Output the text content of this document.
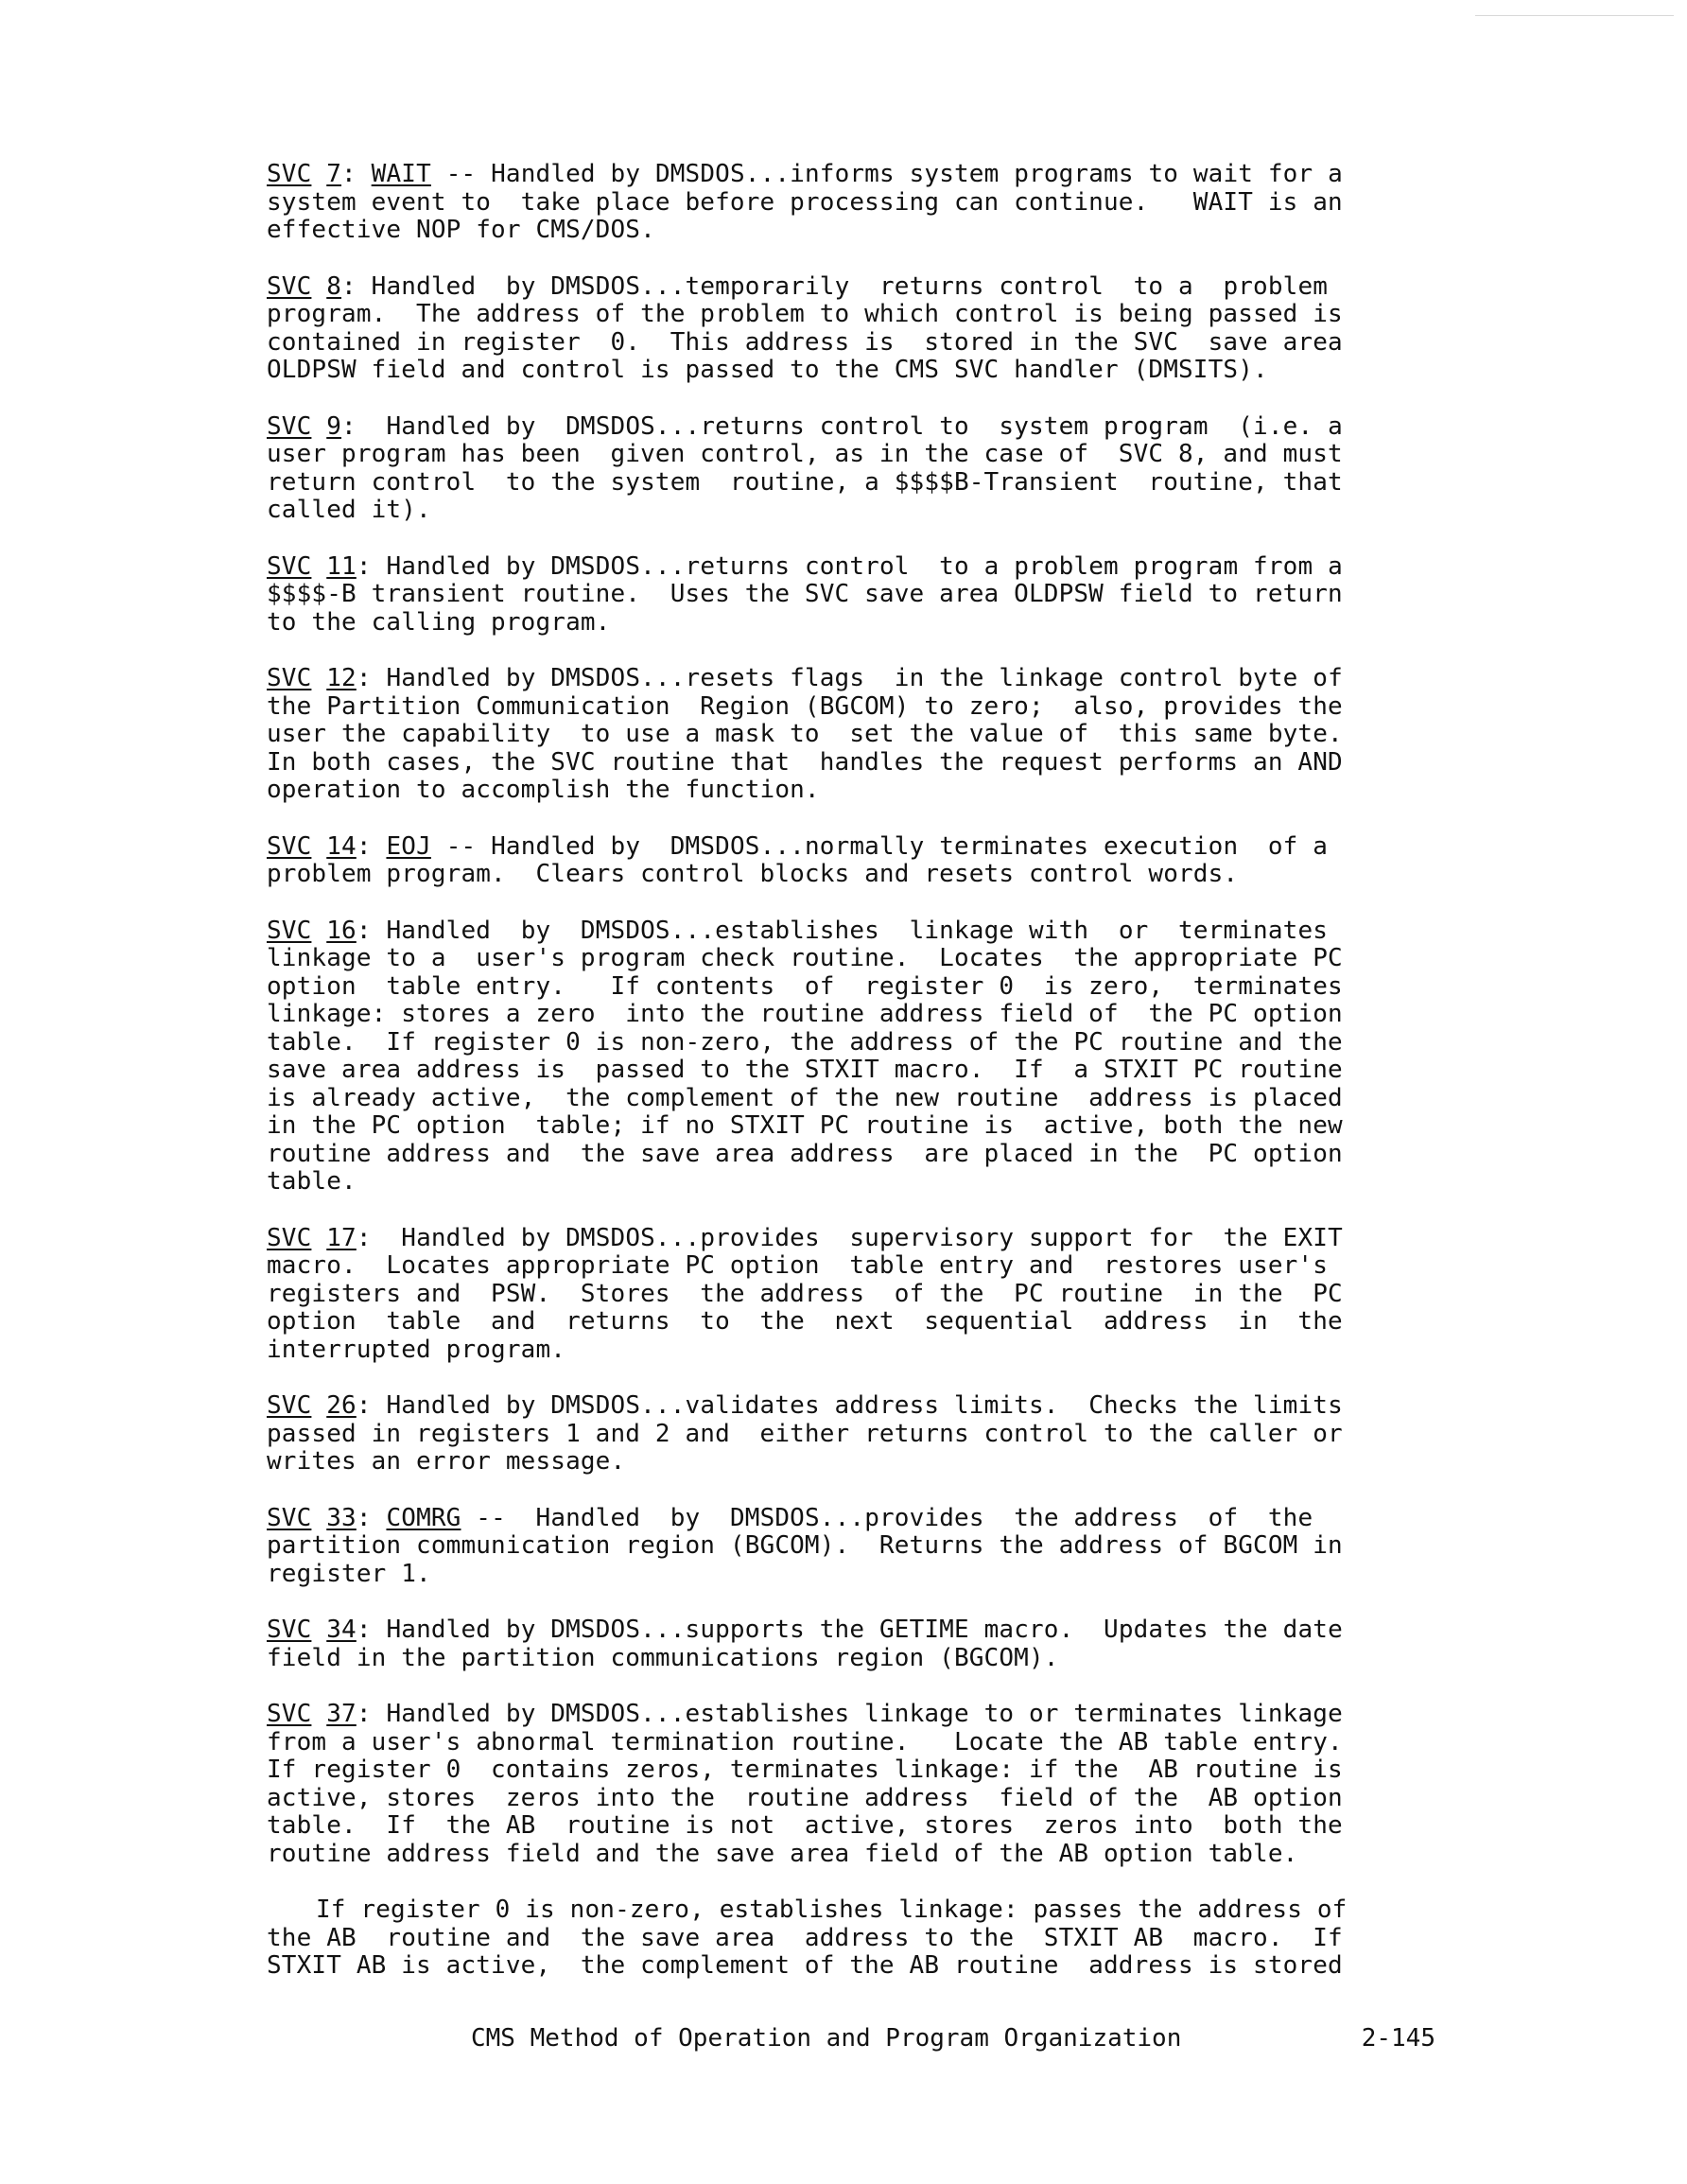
SVC 7: WAIT -- Handled by DMSDOS...informs system programs to wait for a
system event to  take place before processing can continue.   WAIT is an
effective NOP for CMS/DOS.
SVC 8: Handled  by DMSDOS...temporarily  returns control  to a  problem
program.  The address of the problem to which control is being passed is
contained in register  0.  This address is  stored in the SVC  save area
OLDPSW field and control is passed to the CMS SVC handler (DMSITS).
SVC 9:  Handled by  DMSDOS...returns control to  system program  (i.e. a
user program has been  given control, as in the case of  SVC 8, and must
return control  to the system  routine, a $$$$B-Transient  routine, that
called it).
SVC 11: Handled by DMSDOS...returns control  to a problem program from a
$$$$-B transient routine.  Uses the SVC save area OLDPSW field to return
to the calling program.
SVC 12: Handled by DMSDOS...resets flags  in the linkage control byte of
the Partition Communication  Region (BGCOM) to zero;  also, provides the
user the capability  to use a mask to  set the value of  this same byte.
In both cases, the SVC routine that  handles the request performs an AND
operation to accomplish the function.
SVC 14: EOJ -- Handled by  DMSDOS...normally terminates execution  of a
problem program.  Clears control blocks and resets control words.
SVC 16: Handled  by  DMSDOS...establishes  linkage with  or  terminates
linkage to a  user's program check routine.  Locates  the appropriate PC
option  table entry.   If contents  of  register 0  is zero,  terminates
linkage: stores a zero  into the routine address field of  the PC option
table.  If register 0 is non-zero, the address of the PC routine and the
save area address is  passed to the STXIT macro.  If  a STXIT PC routine
is already active,  the complement of the new routine  address is placed
in the PC option  table; if no STXIT PC routine is  active, both the new
routine address and  the save area address  are placed in the  PC option
table.
SVC 17:  Handled by DMSDOS...provides  supervisory support for  the EXIT
macro.  Locates appropriate PC option  table entry and  restores user's
registers and  PSW.  Stores  the address  of the  PC routine  in the  PC
option  table  and  returns  to  the  next  sequential  address  in  the
interrupted program.
SVC 26: Handled by DMSDOS...validates address limits.  Checks the limits
passed in registers 1 and 2 and  either returns control to the caller or
writes an error message.
SVC 33: COMRG --  Handled  by  DMSDOS...provides  the address  of  the
partition communication region (BGCOM).  Returns the address of BGCOM in
register 1.
SVC 34: Handled by DMSDOS...supports the GETIME macro.  Updates the date
field in the partition communications region (BGCOM).
SVC 37: Handled by DMSDOS...establishes linkage to or terminates linkage
from a user's abnormal termination routine.   Locate the AB table entry.
If register 0  contains zeros, terminates linkage: if the  AB routine is
active, stores  zeros into the  routine address  field of the  AB option
table.  If  the AB  routine is not  active, stores  zeros into  both the
routine address field and the save area field of the AB option table.
If register 0 is non-zero, establishes linkage: passes the address of
the AB  routine and  the save area  address to the  STXIT AB  macro.  If
STXIT AB is active,  the complement of the AB routine  address is stored
CMS Method of Operation and Program Organization	2-145
